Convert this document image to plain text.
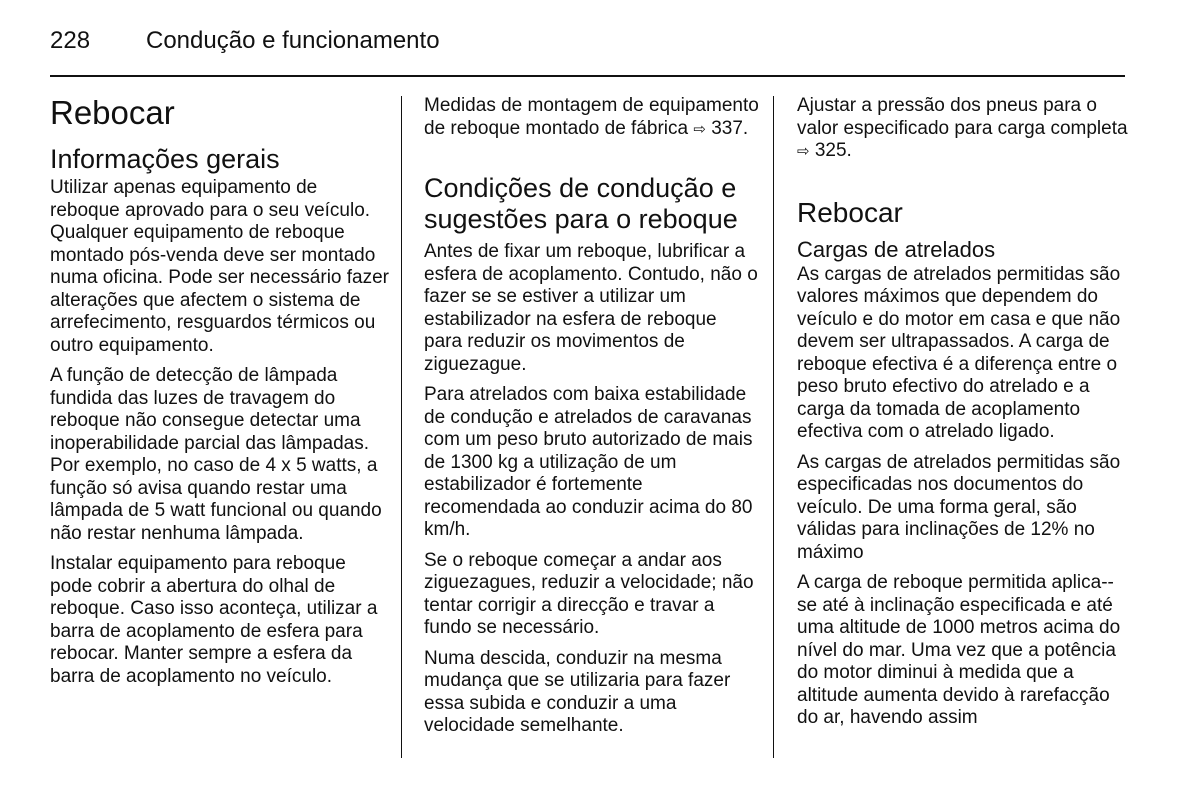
228 Condução e funcionamento
Rebocar
Informações gerais

Utilizar apenas equipamento de reboque aprovado para o seu veículo. Qualquer equipamento de reboque montado pós-venda deve ser montado numa oficina. Pode ser necessário fazer alterações que afectem o sistema de arrefecimento, resguardos térmicos ou outro equipamento.

A função de detecção de lâmpada fundida das luzes de travagem do reboque não consegue detectar uma inoperabilidade parcial das lâmpadas. Por exemplo, no caso de 4 x 5 watts, a função só avisa quando restar uma lâmpada de 5 watt funcional ou quando não restar nenhuma lâmpada.

Instalar equipamento para reboque pode cobrir a abertura do olhal de reboque. Caso isso aconteça, utilizar a barra de acoplamento de esfera para rebocar. Manter sempre a esfera da barra de acoplamento no veículo.

Medidas de montagem de equipamento de reboque montado de fábrica ⇨ 337.

Condições de condução e sugestões para o reboque

Antes de fixar um reboque, lubrificar a esfera de acoplamento. Contudo, não o fazer se se estiver a utilizar um estabilizador na esfera de reboque para reduzir os movimentos de ziguezague.

Para atrelados com baixa estabilidade de condução e atrelados de caravanas com um peso bruto autorizado de mais de 1300 kg a utilização de um estabilizador é fortemente recomendada ao conduzir acima do 80 km/h.

Se o reboque começar a andar aos ziguezagues, reduzir a velocidade; não tentar corrigir a direcção e travar a fundo se necessário.

Numa descida, conduzir na mesma mudança que se utilizaria para fazer essa subida e conduzir a uma velocidade semelhante.

Ajustar a pressão dos pneus para o valor especificado para carga completa ⇨ 325.

Rebocar
Cargas de atrelados

As cargas de atrelados permitidas são valores máximos que dependem do veículo e do motor em casa e que não devem ser ultrapassados. A carga de reboque efectiva é a diferença entre o peso bruto efectivo do atrelado e a carga da tomada de acoplamento efectiva com o atrelado ligado.

As cargas de atrelados permitidas são especificadas nos documentos do veículo. De uma forma geral, são válidas para inclinações de 12% no máximo

A carga de reboque permitida aplica--se até à inclinação especificada e até uma altitude de 1000 metros acima do nível do mar. Uma vez que a potência do motor diminui à medida que a altitude aumenta devido à rarefacção do ar, havendo assim
